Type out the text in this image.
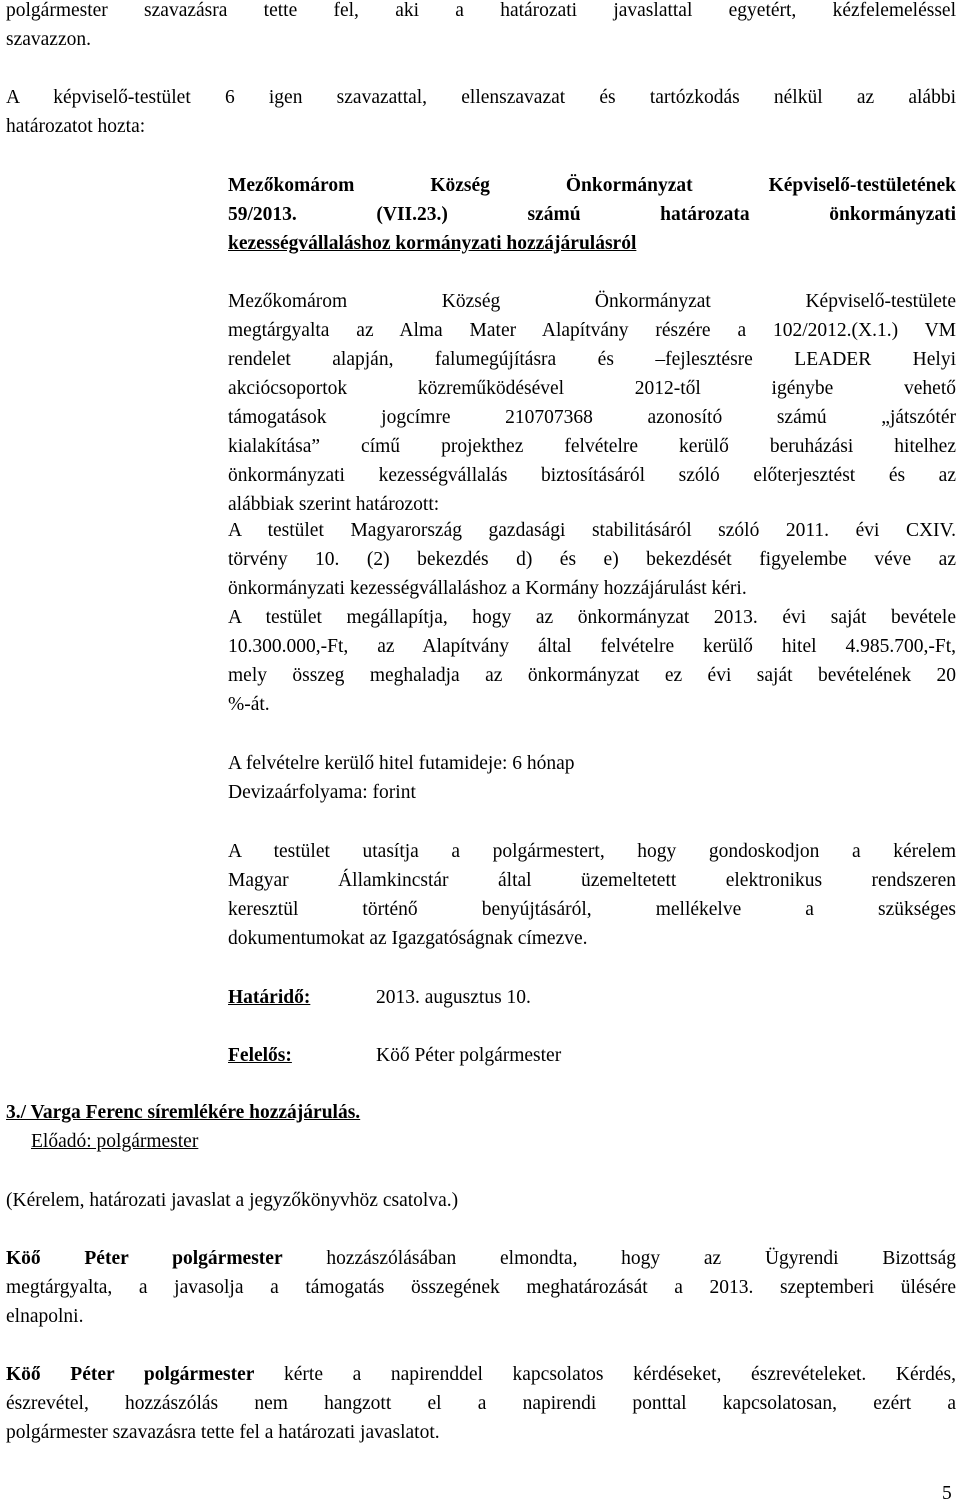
polgármester szavazásra tette fel, aki a határozati javaslattal egyetért, kézfelemeléssel
szavazzon.
A képviselő-testület 6 igen szavazattal, ellenszavazat és tartózkodás nélkül az alábbi
határozatot hozta:
Mezőkomárom Község Önkormányzat Képviselő-testületének
59/2013. (VII.23.) számú határozata önkormányzati
kezességvállaláshoz kormányzati hozzájárulásról
Mezőkomárom Község Önkormányzat Képviselő-testülete
megtárgyalta az Alma Mater Alapítvány részére a 102/2012.(X.1.) VM
rendelet alapján, falumegújításra és –fejlesztésre LEADER Helyi
akciócsoportok közreműködésével 2012-től igénybe vehető
támogatások jogcímre 210707368 azonosító számú „játszótér
kialakítása” című projekthez felvételre kerülő beruházási hitelhez
önkormányzati kezességvállalás biztosításáról szóló előterjesztést és az
alábbiak szerint határozott:
A testület Magyarország gazdasági stabilitásáról szóló 2011. évi CXIV.
törvény 10. (2) bekezdés d) és e) bekezdését figyelembe véve az
önkormányzati kezességvállaláshoz a Kormány hozzájárulást kéri.
A testület megállapítja, hogy az önkormányzat 2013. évi saját bevétele
10.300.000,-Ft, az Alapítvány által felvételre kerülő hitel 4.985.700,-Ft,
mely összeg meghaladja az önkormányzat ez évi saját bevételének 20
%-át.
A felvételre kerülő hitel futamideje: 6 hónap
Devizaárfolyama: forint
A testület utasítja a polgármestert, hogy gondoskodjon a kérelem
Magyar Államkincstár által üzemeltetett elektronikus rendszeren
keresztül történő benyújtásáról, mellékelve a szükséges
dokumentumokat az Igazgatóságnak címezve.
Határidő:	2013. augusztus 10.
Felelős:	Köő Péter polgármester
3./ Varga Ferenc síremlékére hozzájárulás.
Előadó: polgármester
(Kérelem, határozati javaslat a jegyzőkönyvhöz csatolva.)
Köő Péter polgármester hozzászólásában elmondta, hogy az Ügyrendi Bizottság
megtárgyalta, a javasolja a támogatás összegének meghatározását a 2013. szeptemberi ülésére
elnapolni.
Köő Péter polgármester kérte a napirenddel kapcsolatos kérdéseket, észrevételeket. Kérdés,
észrevétel, hozzászólás nem hangzott el a napirendi ponttal kapcsolatosan, ezért a
polgármester szavazásra tette fel a határozati javaslatot.
5
